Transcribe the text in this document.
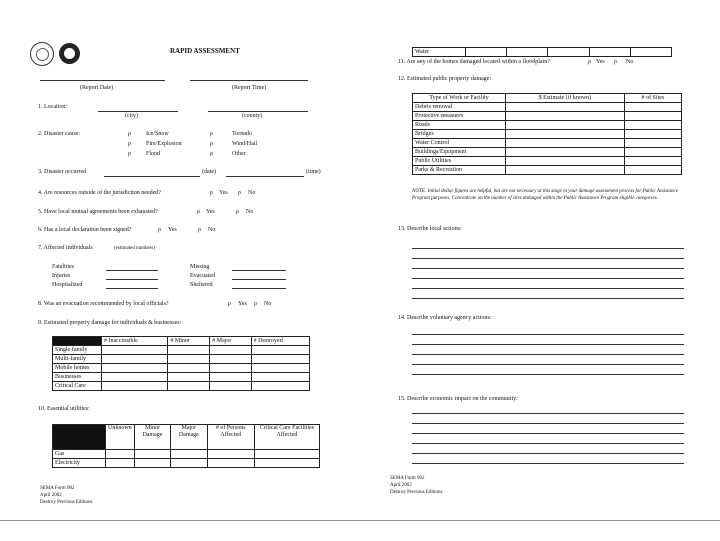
RAPID ASSESSMENT
(Report Date)	(Report Time)
1. Location:
(city)	(county)
2. Disaster cause:	ρ	Ice/Snow	ρ	Tornado
ρ	Fire/Explosion	ρ	Wind/Hail
ρ	Flood	ρ	Other
3. Disaster occurred	(date)	(time)
4. Are resources outside of the jurisdiction needed?	ρ Yes ρ No
5. Have local mutual agreements been exhausted?	ρ Yes	ρ No
6. Has a local declaration been signed?	ρ Yes	ρ No
7. Affected individuals	(estimated numbers)
Fatalities	Missing
Injuries	Evacuated
Hospitalized	Sheltered
8. Was an evacuation recommended by local officials?	ρ Yes ρ No
9. Estimated property damage for individuals & businesses:
	# Inaccessible	# Minor	# Major	# Destroyed
Single family				
Multi-family				
Mobile homes				
Businesses				
Critical Care				
10. Essential utilities:
	Unknown	Minor Damage	Major Damage	# of Persons Affected	Critical Care Facilities Affected
Gas					
Electricity					
SEMA Form 902
April 2002
Destroy Previous Editions
Water					
11. Are any of the homes damaged located within a floodplain?	ρ Yes ρ No
12. Estimated public property damage:
Type of Work or Facility	$ Estimate (if known)	# of Sites
Debris removal		
Protective measures		
Roads		
Bridges		
Water Control		
Buildings/Equipment		
Public Utilities		
Parks & Recreation		
NOTE: Initial dollar figures are helpful, but are not necessary at this stage in your damage assessment process for Public Assistance Program purposes. Concentrate on the number of sites damaged within the Public Assistance Program eligible categories.
13. Describe local actions:
14. Describe voluntary agency actions:
15. Describe economic impact on the community:
SEMA Form 902
April 2002
Destroy Previous Editions
